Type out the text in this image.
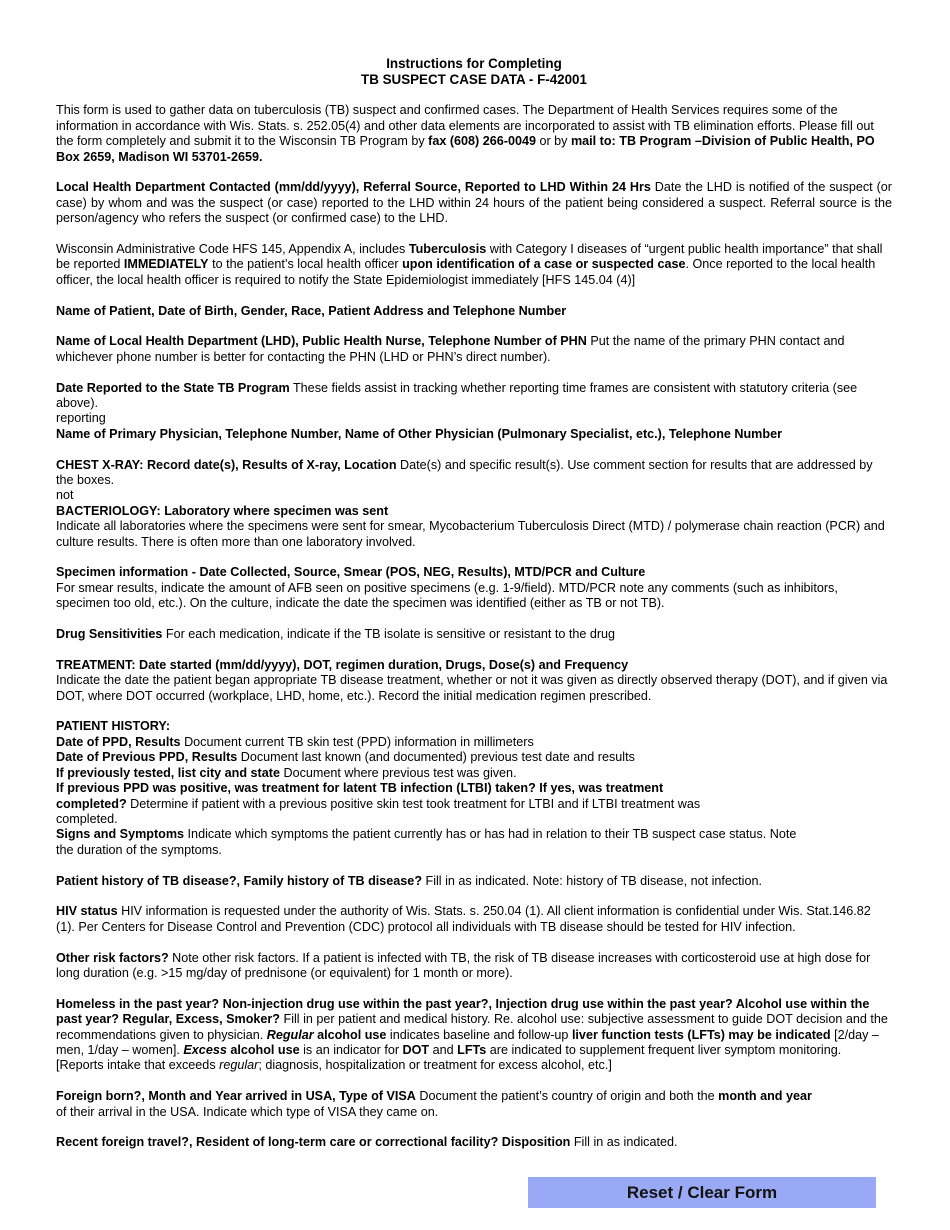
Instructions for Completing
TB SUSPECT CASE DATA - F-42001

This form is used to gather data on tuberculosis (TB) suspect and confirmed cases. The Department of Health Services requires some of the information in accordance with Wis. Stats. s. 252.05(4) and other data elements are incorporated to assist with TB elimination efforts. Please fill out the form completely and submit it to the Wisconsin TB Program by fax (608) 266-0049 or by mail to: TB Program –Division of Public Health, PO Box 2659, Madison WI 53701-2659.

Local Health Department Contacted (mm/dd/yyyy), Referral Source, Reported to LHD Within 24 Hrs Date the LHD is notified of the suspect (or case) by whom and was the suspect (or case) reported to the LHD within 24 hours of the patient being considered a suspect. Referral source is the person/agency who refers the suspect (or confirmed case) to the LHD.

Wisconsin Administrative Code HFS 145, Appendix A, includes Tuberculosis with Category I diseases of “urgent public health importance” that shall be reported IMMEDIATELY to the patient’s local health officer upon identification of a case or suspected case. Once reported to the local health officer, the local health officer is required to notify the State Epidemiologist immediately [HFS 145.04 (4)]

Name of Patient, Date of Birth, Gender, Race, Patient Address and Telephone Number

Name of Local Health Department (LHD), Public Health Nurse, Telephone Number of PHN Put the name of the primary PHN contact and whichever phone number is better for contacting the PHN (LHD or PHN’s direct number).

Date Reported to the State TB Program These fields assist in tracking whether reporting time frames are consistent with statutory criteria (see above).

reporting

Name of Primary Physician, Telephone Number, Name of Other Physician (Pulmonary Specialist, etc.), Telephone Number

CHEST X-RAY: Record date(s), Results of X-ray, Location Date(s) and specific result(s). Use comment section for results that are addressed by the boxes.

not

BACTERIOLOGY: Laboratory where specimen was sent

Indicate all laboratories where the specimens were sent for smear, Mycobacterium Tuberculosis Direct (MTD) / polymerase chain reaction (PCR) and culture results. There is often more than one laboratory involved.

Specimen information - Date Collected, Source, Smear (POS, NEG, Results), MTD/PCR and Culture

For smear results, indicate the amount of AFB seen on positive specimens (e.g. 1-9/field). MTD/PCR note any comments (such as inhibitors, specimen too old, etc.). On the culture, indicate the date the specimen was identified (either as TB or not TB).

Drug Sensitivities For each medication, indicate if the TB isolate is sensitive or resistant to the drug

TREATMENT: Date started (mm/dd/yyyy), DOT, regimen duration, Drugs, Dose(s) and Frequency

Indicate the date the patient began appropriate TB disease treatment, whether or not it was given as directly observed therapy (DOT), and if given via DOT, where DOT occurred (workplace, LHD, home, etc.). Record the initial medication regimen prescribed.

PATIENT HISTORY:

Date of PPD, Results Document current TB skin test (PPD) information in millimeters

Date of Previous PPD, Results Document last known (and documented) previous test date and results

If previously tested, list city and state Document where previous test was given.

If previous PPD was positive, was treatment for latent TB infection (LTBI) taken? If yes, was treatment

completed? Determine if patient with a previous positive skin test took treatment for LTBI and if LTBI treatment was

completed.

Signs and Symptoms Indicate which symptoms the patient currently has or has had in relation to their TB suspect case status. Note

the duration of the symptoms.

Patient history of TB disease?, Family history of TB disease? Fill in as indicated. Note: history of TB disease, not infection.

HIV status HIV information is requested under the authority of Wis. Stats. s. 250.04 (1). All client information is confidential under Wis. Stat.146.82 (1). Per Centers for Disease Control and Prevention (CDC) protocol all individuals with TB disease should be tested for HIV infection.

Other risk factors? Note other risk factors. If a patient is infected with TB, the risk of TB disease increases with corticosteroid use at high dose for long duration (e.g. >15 mg/day of prednisone (or equivalent) for 1 month or more).

Homeless in the past year? Non-injection drug use within the past year?, Injection drug use within the past year? Alcohol use within the past year? Regular, Excess, Smoker? Fill in per patient and medical history. Re. alcohol use: subjective assessment to guide DOT decision and the recommendations given to physician. Regular alcohol use indicates baseline and follow-up liver function tests (LFTs) may be indicated [2/day – men, 1/day – women]. Excess alcohol use is an indicator for DOT and LFTs are indicated to supplement frequent liver symptom monitoring. [Reports intake that exceeds regular; diagnosis, hospitalization or treatment for excess alcohol, etc.]

Foreign born?, Month and Year arrived in USA, Type of VISA Document the patient’s country of origin and both the month and year

of their arrival in the USA. Indicate which type of VISA they came on.

Recent foreign travel?, Resident of long-term care or correctional facility? Disposition Fill in as indicated.

Reset / Clear Form
